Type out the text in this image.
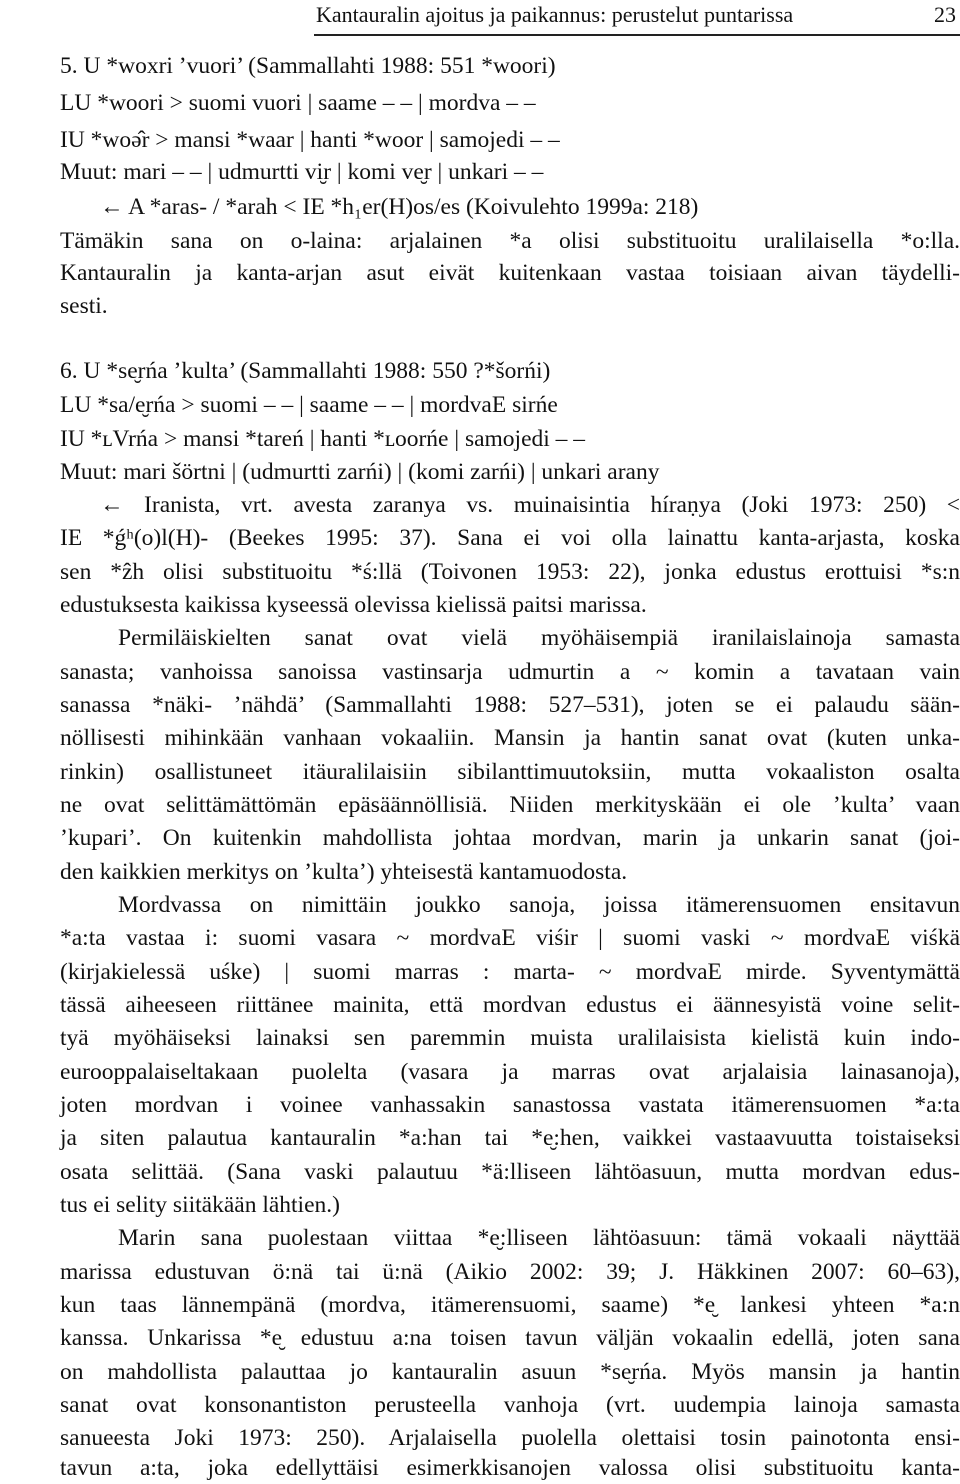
Kantauralin ajoitus ja paikannus: perustelut puntarissa	23
5. U *woxri ’vuori’ (Sammallahti 1988: 551 *woori)
LU *woori > suomi vuori | saame – – | mordva – –
IU *woə̂r > mansi *waar | hanti *woor | samojedi – –
Muut: mari – – | udmurtti vi̮r | komi ve̮r | unkari – –
← A *aras- / *arah < IE *h₁er(H)os/es (Koivulehto 1999a: 218)
Tämäkin sana on o-laina: arjalainen *a olisi substituoitu uralilaisella *o:lla.
Kantauralin ja kanta-arjan asut eivät kuitenkaan vastaa toisiaan aivan täydelli-
sesti.
6. U *se̮rńa ’kulta’ (Sammallahti 1988: 550 ?*šorńi)
LU *sa/e̮rńa > suomi – – | saame – – | mordvaE sirńe
IU *ʟVrńa > mansi *tareń | hanti *ʟoorńe | samojedi – –
Muut: mari šörtni | (udmurtti zarńi) | (komi zarńi) | unkari arany
← Iranista, vrt. avesta zaranya vs. muinaisintia híraṇya (Joki 1973: 250) <
IE *ǵʰ(o)l(H)- (Beekes 1995: 37). Sana ei voi olla lainattu kanta-arjasta, koska
sen *ẑh olisi substituoitu *ś:llä (Toivonen 1953: 22), jonka edustus erottuisi *s:n
edustuksesta kaikissa kyseessä olevissa kielissä paitsi marissa.
Permiläiskielten sanat ovat vielä myöhäisempiä iranilaislainoja samasta
sanasta; vanhoissa sanoissa vastinsarja udmurtin a ~ komin a tavataan vain
sanassa *näki- ’nähdä’ (Sammallahti 1988: 527–531), joten se ei palaudu sään-
nöllisesti mihinkään vanhaan vokaaliin. Mansin ja hantin sanat ovat (kuten unka-
rinkin) osallistuneet itäuralilaisiin sibilanttimuutoksiin, mutta vokaaliston osalta
ne ovat selittämättömän epäsäännöllisiä. Niiden merkityskään ei ole ’kulta’ vaan
’kupari’. On kuitenkin mahdollista johtaa mordvan, marin ja unkarin sanat (joi-
den kaikkien merkitys on ’kulta’) yhteisestä kantamuodosta.
Mordvassa on nimittäin joukko sanoja, joissa itämerensuomen ensitavun
*a:ta vastaa i: suomi vasara ~ mordvaE viśir | suomi vaski ~ mordvaE viśkä
(kirjakielessä uśke) | suomi marras : marta- ~ mordvaE mirde. Syventymättä
tässä aiheeseen riittänee mainita, että mordvan edustus ei äännesyistä voine selit-
tyä myöhäiseksi lainaksi sen paremmin muista uralilaisista kielistä kuin indo-
eurooppalaiseltakaan puolelta (vasara ja marras ovat arjalaisia lainasanoja),
joten mordvan i voinee vanhassakin sanastossa vastata itämerensuomen *a:ta
ja siten palautua kantauralin *a:han tai *e̮:hen, vaikkei vastaavuutta toistaiseksi
osata selittää. (Sana vaski palautuu *ä:lliseen lähtöasuun, mutta mordvan edus-
tus ei selity siitäkään lähtien.)
Marin sana puolestaan viittaa *e̮:lliseen lähtöasuun: tämä vokaali näyttää
marissa edustuvan ö:nä tai ü:nä (Aikio 2002: 39; J. Häkkinen 2007: 60–63),
kun taas lännempänä (mordva, itämerensuomi, saame) *e̮ lankesi yhteen *a:n
kanssa. Unkarissa *e̮ edustuu a:na toisen tavun väljän vokaalin edellä, joten sana
on mahdollista palauttaa jo kantauralin asuun *se̮rńa. Myös mansin ja hantin
sanat ovat konsonantiston perusteella vanhoja (vrt. uudempia lainoja samasta
sanueesta Joki 1973: 250). Arjalaisella puolella olettaisi tosin painotonta ensi-
tavun a:ta, joka edellyttäisi esimerkkisanojen valossa olisi substituoitu kanta-
